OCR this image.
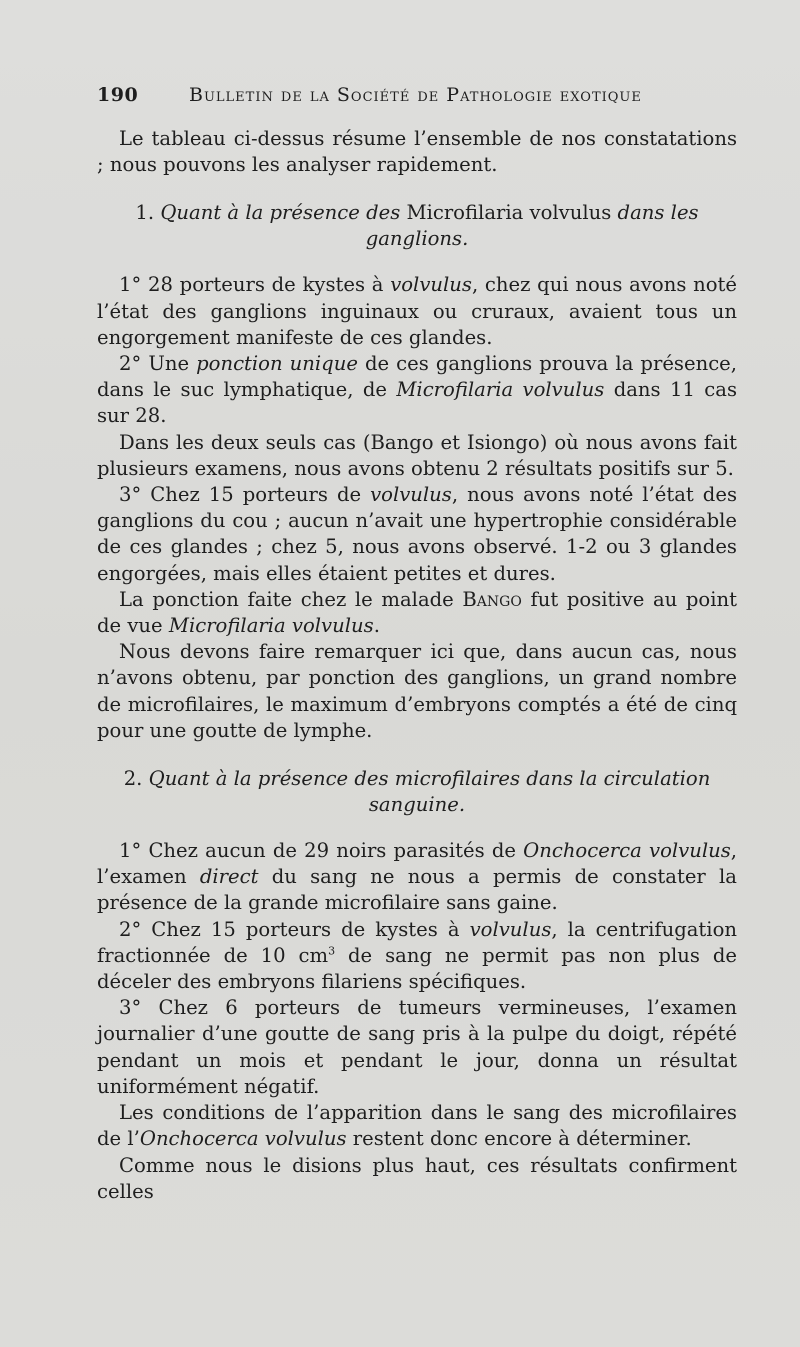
190	Bulletin de la Société de Pathologie exotique

Le tableau ci-dessus résume l’ensemble de nos constatations ; nous pouvons les analyser rapidement.

1. Quant à la présence des Microfilaria volvulus dans les ganglions.

1° 28 porteurs de kystes à volvulus, chez qui nous avons noté l’état des ganglions inguinaux ou cruraux, avaient tous un engorgement manifeste de ces glandes.

2° Une ponction unique de ces ganglions prouva la présence, dans le suc lymphatique, de Microfilaria volvulus dans 11 cas sur 28.

Dans les deux seuls cas (Bango et Isiongo) où nous avons fait plusieurs examens, nous avons obtenu 2 résultats positifs sur 5.

3° Chez 15 porteurs de volvulus, nous avons noté l’état des ganglions du cou ; aucun n’avait une hypertrophie considérable de ces glandes ; chez 5, nous avons observé. 1-2 ou 3 glandes engorgées, mais elles étaient petites et dures.

La ponction faite chez le malade Bango fut positive au point de vue Microfilaria volvulus.

Nous devons faire remarquer ici que, dans aucun cas, nous n’avons obtenu, par ponction des ganglions, un grand nombre de microfilaires, le maximum d’embryons comptés a été de cinq pour une goutte de lymphe.

2. Quant à la présence des microfilaires dans la circulation sanguine.

1° Chez aucun de 29 noirs parasités de Onchocerca volvulus, l’examen direct du sang ne nous a permis de constater la présence de la grande microfilaire sans gaine.

2° Chez 15 porteurs de kystes à volvulus, la centrifugation fractionnée de 10 $cm^3$ de sang ne permit pas non plus de déceler des embryons filariens spécifiques.

3° Chez 6 porteurs de tumeurs vermineuses, l’examen journalier d’une goutte de sang pris à la pulpe du doigt, répété pendant un mois et pendant le jour, donna un résultat uniformément négatif.

Les conditions de l’apparition dans le sang des microfilaires de l’Onchocerca volvulus restent donc encore à déterminer.

Comme nous le disions plus haut, ces résultats confirment celles
